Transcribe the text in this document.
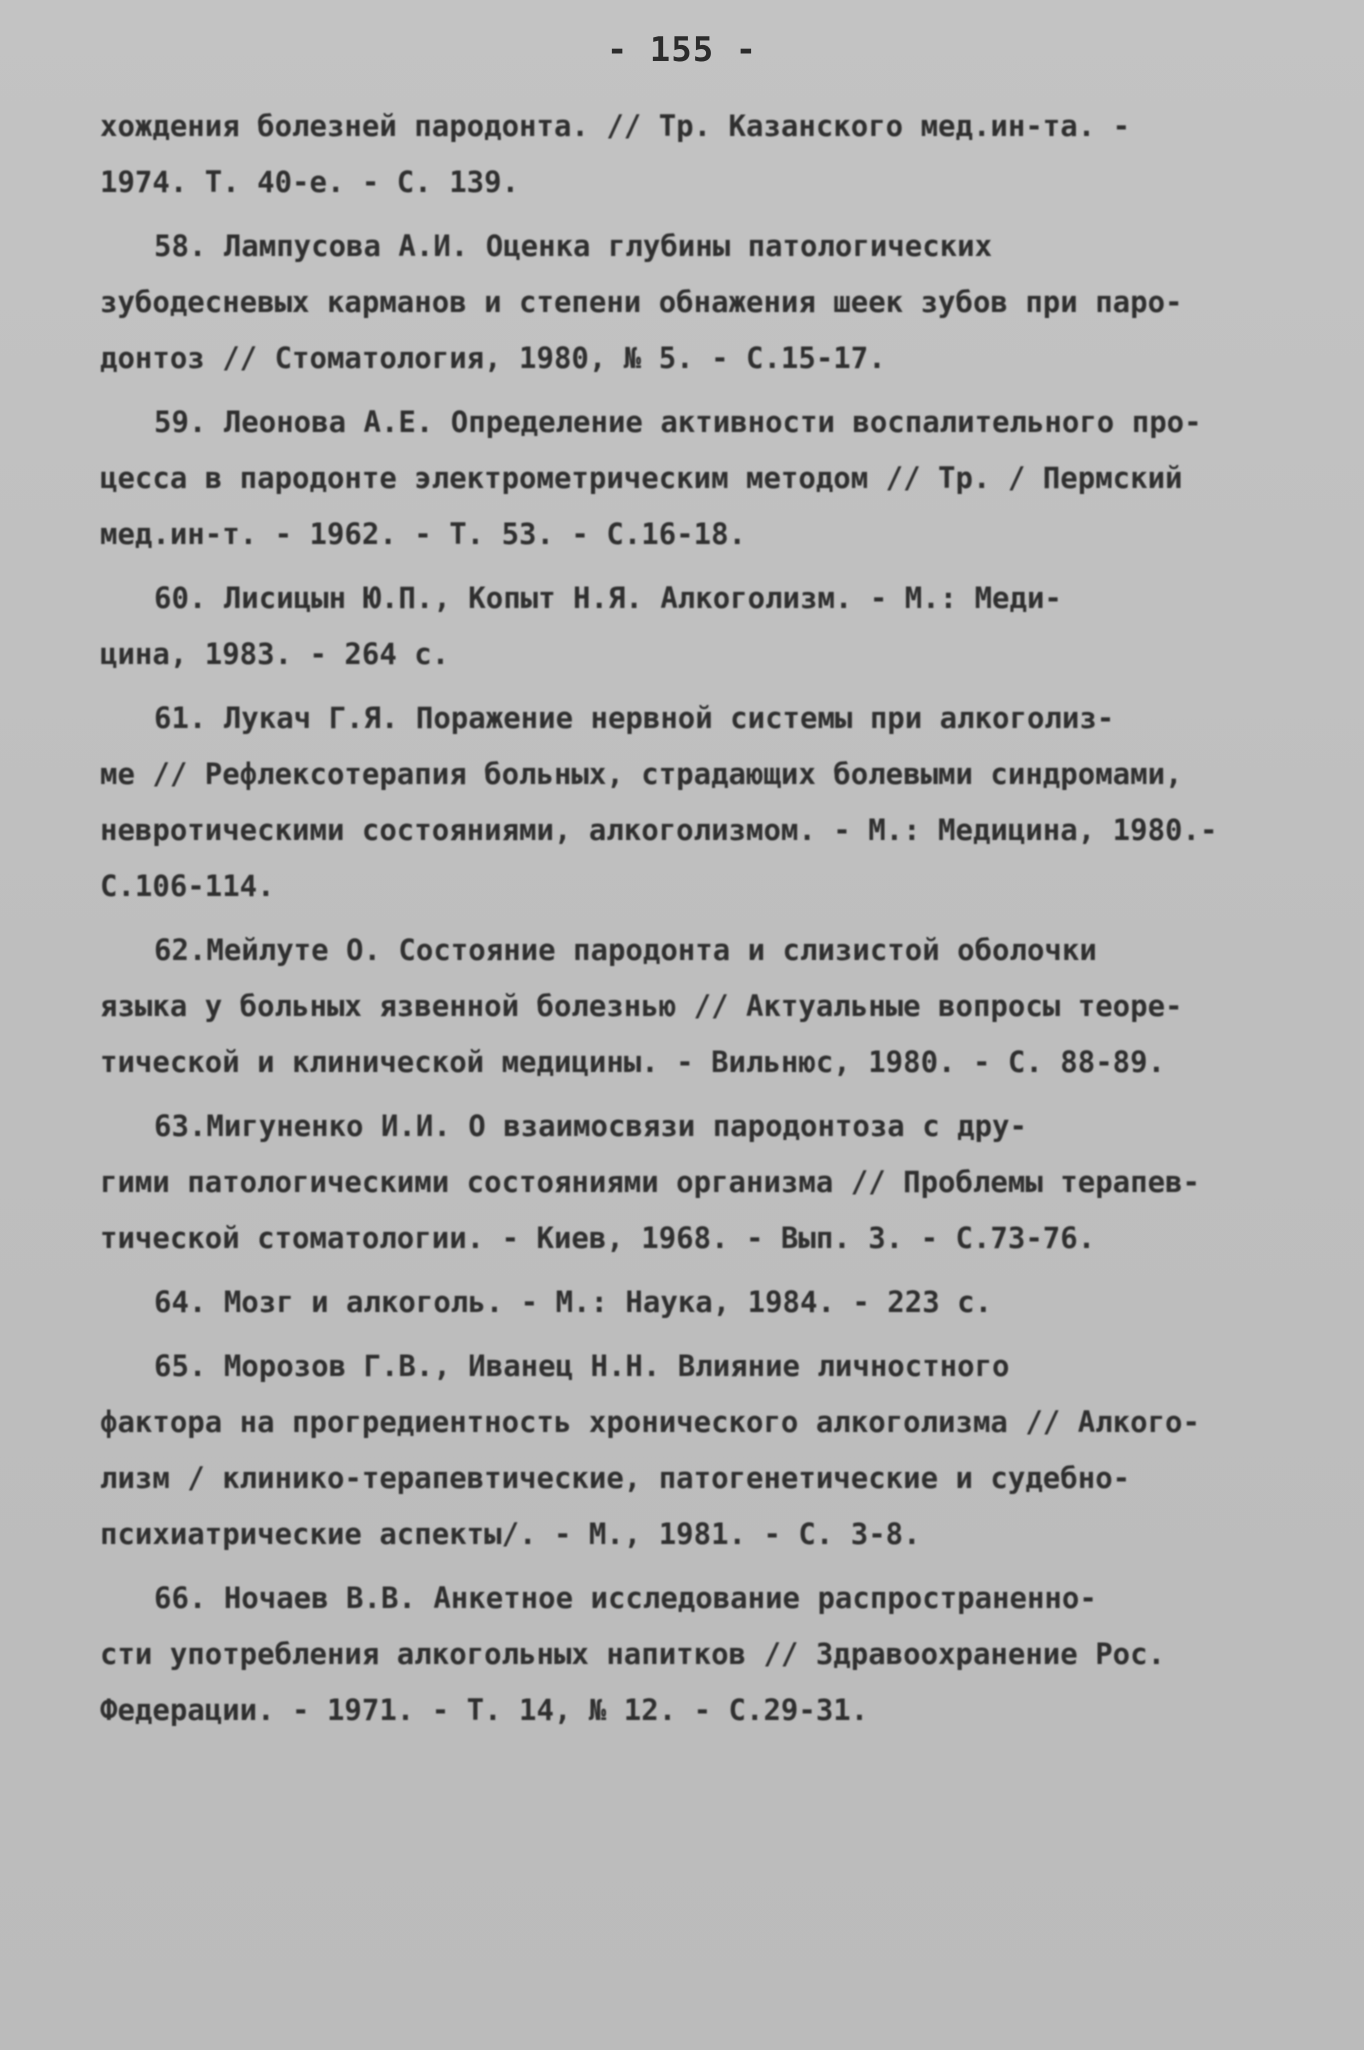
- 155 -
хождения болезней пародонта. // Тр. Казанского мед.ин-та. -
1974. Т. 40-е. - С. 139.
58. Лампусова А.И. Оценка глубины патологических
зубодесневых карманов и степени обнажения шеек зубов при паро-
донтоз // Стоматология, 1980, № 5. - С.15-17.
59. Леонова А.Е. Определение активности воспалительного про-
цесса в пародонте электрометрическим методом // Тр. / Пермский
мед.ин-т. - 1962. - Т. 53. - С.16-18.
60. Лисицын Ю.П., Копыт Н.Я. Алкоголизм. - М.: Меди-
цина, 1983. - 264 с.
61. Лукач Г.Я. Поражение нервной системы при алкоголиз-
ме // Рефлексотерапия больных, страдающих болевыми синдромами,
невротическими состояниями, алкоголизмом. - М.: Медицина, 1980.-
С.106-114.
62.Мейлуте О. Состояние пародонта и слизистой оболочки
языка у больных язвенной болезнью // Актуальные вопросы теоре-
тической и клинической медицины. - Вильнюс, 1980. - С. 88-89.
63.Мигуненко И.И. О взаимосвязи пародонтоза с дру-
гими патологическими состояниями организма // Проблемы терапев-
тической стоматологии. - Киев, 1968. - Вып. 3. - С.73-76.
64. Мозг и алкоголь. - М.: Наука, 1984. - 223 с.
65. Морозов Г.В., Иванец Н.Н. Влияние личностного
фактора на прогредиентность хронического алкоголизма // Алкого-
лизм / клинико-терапевтические, патогенетические и судебно-
психиатрические аспекты/. - М., 1981. - С. 3-8.
66. Ночаев В.В. Анкетное исследование распространеннo-
сти употребления алкогольных напитков // Здравоохранение Рос.
Федерации. - 1971. - Т. 14, № 12. - С.29-31.
